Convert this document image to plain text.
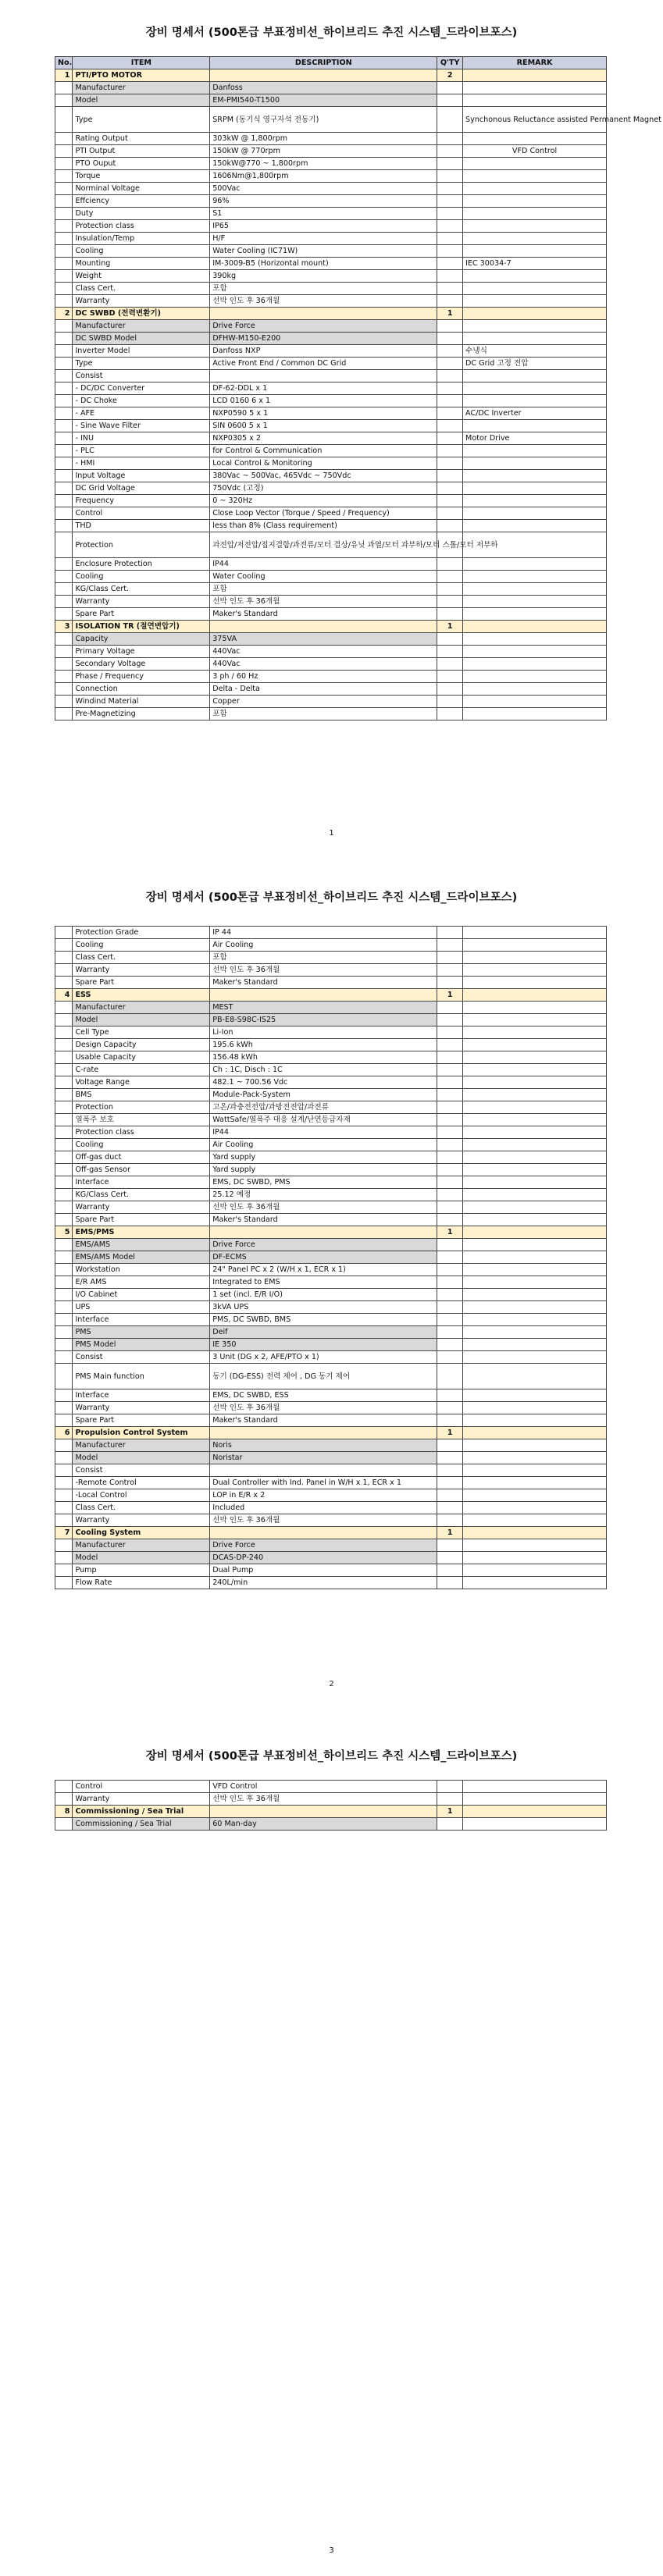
장비 명세서 (500톤급 부표정비선_하이브리드 추진 시스템_드라이브포스)
No.	ITEM	DESCRIPTION	Q'TY	REMARK
1	PTI/PTO MOTOR		2	
	Manufacturer	Danfoss		
	Model	EM-PMI540-T1500		
	Type	SRPM (동기식 영구자석 전동기)		Synchonous Reluctance assisted Permanent Magnet
	Rating Output	303kW @ 1,800rpm		
	PTI Output	150kW @ 770rpm		VFD Control
	PTO Ouput	150kW@770 ~ 1,800rpm		
	Torque	1606Nm@1,800rpm		
	Norminal Voltage	500Vac		
	Effciency	96%		
	Duty	S1		
	Protection class	IP65		
	Insulation/Temp	H/F		
	Cooling	Water Cooling (IC71W)		
	Mounting	IM-3009-B5 (Horizontal mount)		IEC 30034-7
	Weight	390kg		
	Class Cert.	포함		
	Warranty	선박 인도 후 36개월		
2	DC SWBD (전력변환기)		1	
	Manufacturer	Drive Force		
	DC SWBD Model	DFHW-M150-E200		
	Inverter Model	Danfoss NXP		수냉식
	Type	Active Front End / Common DC Grid		DC Grid 고정 전압
	Consist			
	- DC/DC Converter	DF-62-DDL x 1		
	- DC Choke	LCD 0160 6 x 1		
	- AFE	NXP0590 5 x 1		AC/DC Inverter
	- Sine Wave Filter	SIN 0600 5 x 1		
	- INU	NXP0305 x 2		Motor Drive
	- PLC	for Control & Communication		
	- HMI	Local Control & Monitoring		
	Input Voltage	380Vac ~ 500Vac, 465Vdc ~ 750Vdc		
	DC Grid Voltage	750Vdc (고정)		
	Frequency	0 ~ 320Hz		
	Control	Close Loop Vector (Torque / Speed / Frequency)		
	THD	less than 8% (Class requirement)		
	Protection	과전압/저전압/접지결함/과전류/모터 결상/유닛 과열/모터 과부하/모터 스톨/모터 저부하		
	Enclosure Protection	IP44		
	Cooling	Water Cooling		
	KG/Class Cert.	포함		
	Warranty	선박 인도 후 36개월		
	Spare Part	Maker's Standard		
3	ISOLATION TR (절연변압기)		1	
	Capacity	375VA		
	Primary Voltage	440Vac		
	Secondary Voltage	440Vac		
	Phase / Frequency	3 ph / 60 Hz		
	Connection	Delta - Delta		
	Windind Material	Copper		
	Pre-Magnetizing	포함		
1
장비 명세서 (500톤급 부표정비선_하이브리드 추진 시스템_드라이브포스)
	Protection Grade	IP 44		
	Cooling	Air Cooling		
	Class Cert.	포함		
	Warranty	선박 인도 후 36개월		
	Spare Part	Maker's Standard		
4	ESS		1	
	Manufacturer	MEST		
	Model	PB-E8-S98C-IS25		
	Cell Type	Li-Ion		
	Design Capacity	195.6 kWh		
	Usable Capacity	156.48 kWh		
	C-rate	Ch : 1C, Disch : 1C		
	Voltage Range	482.1 ~ 700.56 Vdc		
	BMS	Module-Pack-System		
	Protection	고온/과충전전압/과방전전압/과전류		
	열폭주 보호	WattSafe/열폭주 대응 설계/난연등급자재		
	Protection class	IP44		
	Cooling	Air Cooling		
	Off-gas duct	Yard supply		
	Off-gas Sensor	Yard supply		
	Interface	EMS, DC SWBD, PMS		
	KG/Class Cert.	25.12 예정		
	Warranty	선박 인도 후 36개월		
	Spare Part	Maker's Standard		
5	EMS/PMS		1	
	EMS/AMS	Drive Force		
	EMS/AMS Model	DF-ECMS		
	Workstation	24" Panel PC x 2 (W/H x 1, ECR x 1)		
	E/R AMS	Integrated to EMS		
	I/O Cabinet	1 set (incl. E/R I/O)		
	UPS	3kVA UPS		
	Interface	PMS, DC SWBD, BMS		
	PMS	Deif		
	PMS Model	IE 350		
	Consist	3 Unit (DG x 2, AFE/PTO x 1)		
	PMS Main function	동기 (DG-ESS) 전력 제어 , DG 동기 제어		
	Interface	EMS, DC SWBD, ESS		
	Warranty	선박 인도 후 36개월		
	Spare Part	Maker's Standard		
6	Propulsion Control System		1	
	Manufacturer	Noris		
	Model	Noristar		
	Consist			
	-Remote Control	Dual Controller with Ind. Panel in W/H x 1, ECR x 1		
	-Local Control	LOP in E/R x 2		
	Class Cert.	Included		
	Warranty	선박 인도 후 36개월		
7	Cooling System		1	
	Manufacturer	Drive Force		
	Model	DCAS-DP-240		
	Pump	Dual Pump		
	Flow Rate	240L/min		
2
장비 명세서 (500톤급 부표정비선_하이브리드 추진 시스템_드라이브포스)
	Control	VFD Control		
	Warranty	선박 인도 후 36개월		
8	Commissioning / Sea Trial		1	
	Commissioning / Sea Trial	60 Man-day		
3
